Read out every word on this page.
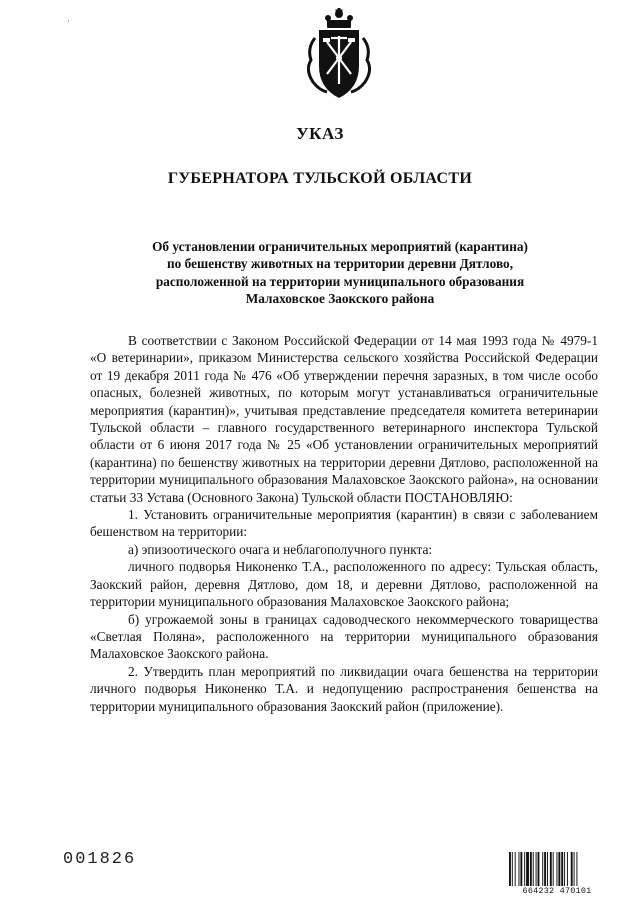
·
УКАЗ
ГУБЕРНАТОРА ТУЛЬСКОЙ ОБЛАСТИ
Об установлении ограничительных мероприятий (карантина)
по бешенству животных на территории деревни Дятлово,
расположенной на территории муниципального образования
Малаховское Заокского района

В соответствии с Законом Российской Федерации от 14 мая 1993 года № 4979-1 «О ветеринарии», приказом Министерства сельского хозяйства Российской Федерации от 19 декабря 2011 года № 476 «Об утверждении перечня заразных, в том числе особо опасных, болезней животных, по которым могут устанавливаться ограничительные мероприятия (карантин)», учитывая представление председателя комитета ветеринарии Тульской области – главного государственного ветеринарного инспектора Тульской области от 6 июня 2017 года № 25 «Об установлении ограничительных мероприятий (карантина) по бешенству животных на территории деревни Дятлово, расположенной на территории муниципального образования Малаховское Заокского района», на основании статьи 33 Устава (Основного Закона) Тульской области ПОСТАНОВЛЯЮ:

1. Установить ограничительные мероприятия (карантин) в связи с заболеванием бешенством на территории:

а) эпизоотического очага и неблагополучного пункта:

личного подворья Никоненко Т.А., расположенного по адресу: Тульская область, Заокский район, деревня Дятлово, дом 18, и деревни Дятлово, расположенной на территории муниципального образования Малаховское Заокского района;

б) угрожаемой зоны в границах садоводческого некоммерческого товарищества «Светлая Поляна», расположенного на территории муниципального образования Малаховское Заокского района.

2. Утвердить план мероприятий по ликвидации очага бешенства на территории личного подворья Никоненко Т.А. и недопущению распространения бешенства на территории муниципального образования Заокский район (приложение).

001826
664232 470101
